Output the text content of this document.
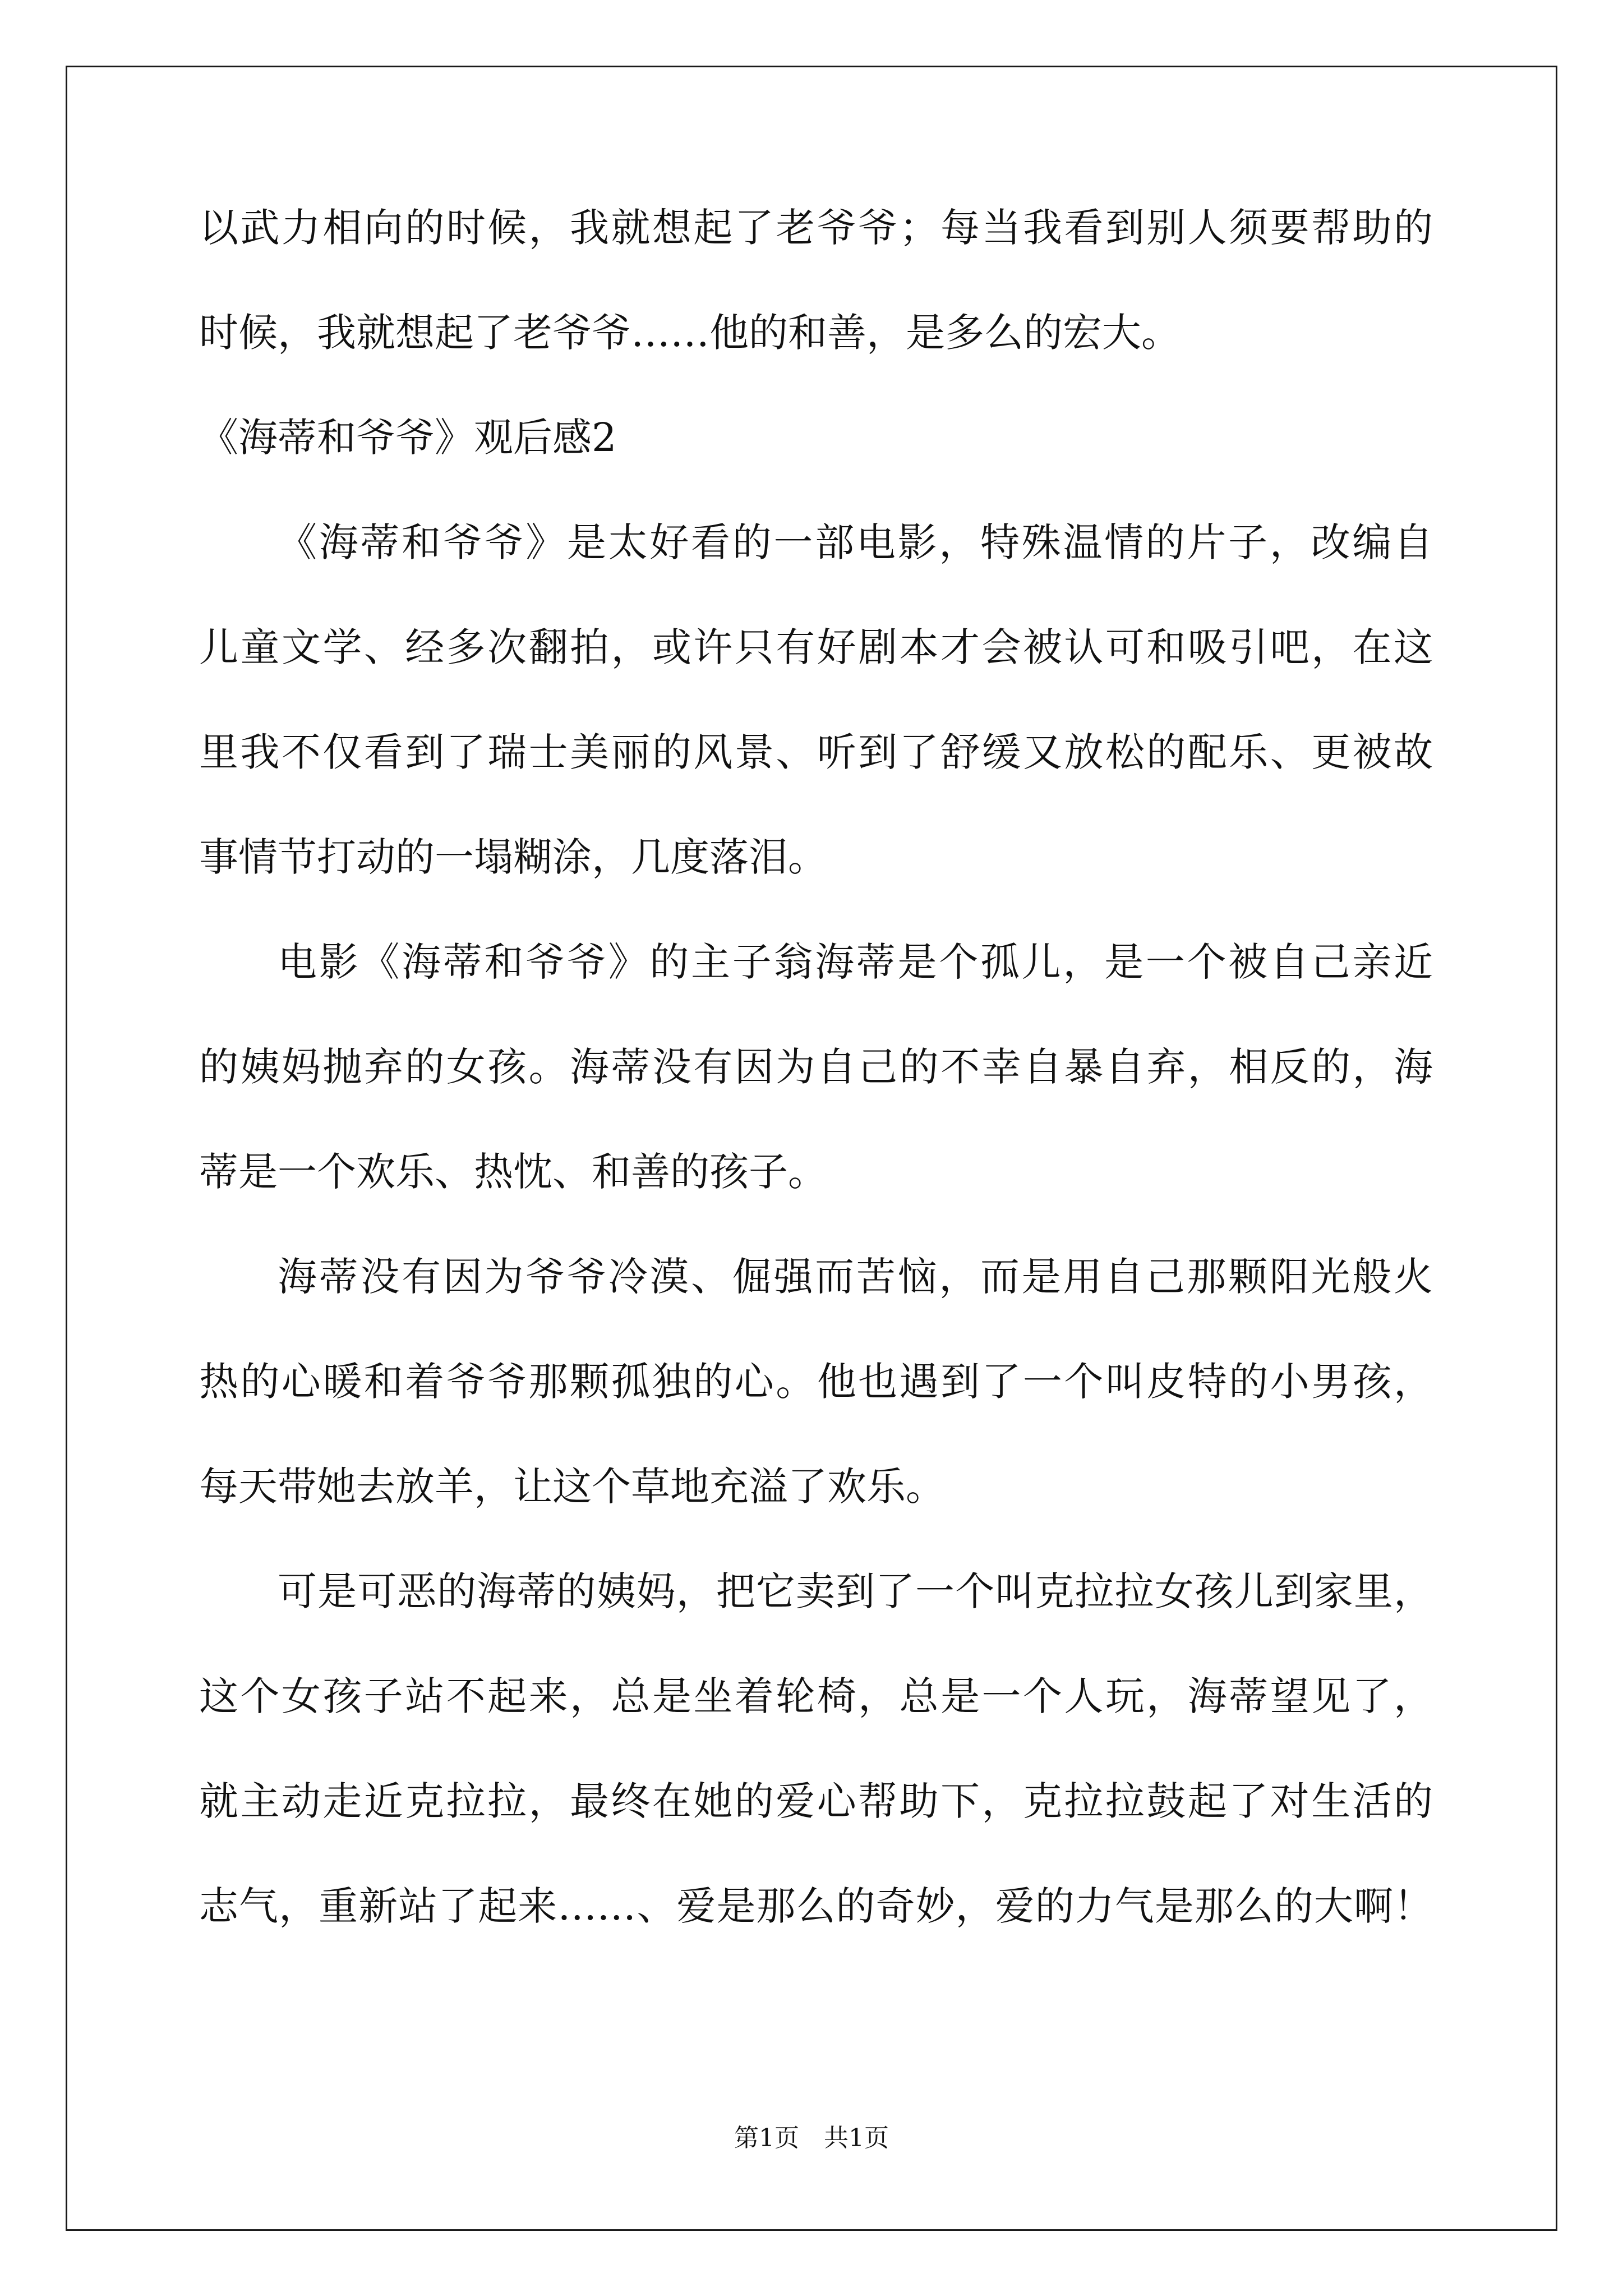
以武力相向的时候，我就想起了老爷爷；每当我看到别人须要帮助的
时候，我就想起了老爷爷……他的和善，是多么的宏大。
《海蒂和爷爷》观后感2
《海蒂和爷爷》是太好看的一部电影，特殊温情的片子，改编自
儿童文学、经多次翻拍，或许只有好剧本才会被认可和吸引吧，在这
里我不仅看到了瑞士美丽的风景、听到了舒缓又放松的配乐、更被故
事情节打动的一塌糊涂，几度落泪。
电影《海蒂和爷爷》的主子翁海蒂是个孤儿，是一个被自己亲近
的姨妈抛弃的女孩。海蒂没有因为自己的不幸自暴自弃，相反的，海
蒂是一个欢乐、热忱、和善的孩子。
海蒂没有因为爷爷冷漠、倔强而苦恼，而是用自己那颗阳光般火
热的心暖和着爷爷那颗孤独的心。他也遇到了一个叫皮特的小男孩，
每天带她去放羊，让这个草地充溢了欢乐。
可是可恶的海蒂的姨妈，把它卖到了一个叫克拉拉女孩儿到家里，
这个女孩子站不起来，总是坐着轮椅，总是一个人玩，海蒂望见了，
就主动走近克拉拉，最终在她的爱心帮助下，克拉拉鼓起了对生活的
志气，重新站了起来……、爱是那么的奇妙，爱的力气是那么的大啊！
第1页 共1页
